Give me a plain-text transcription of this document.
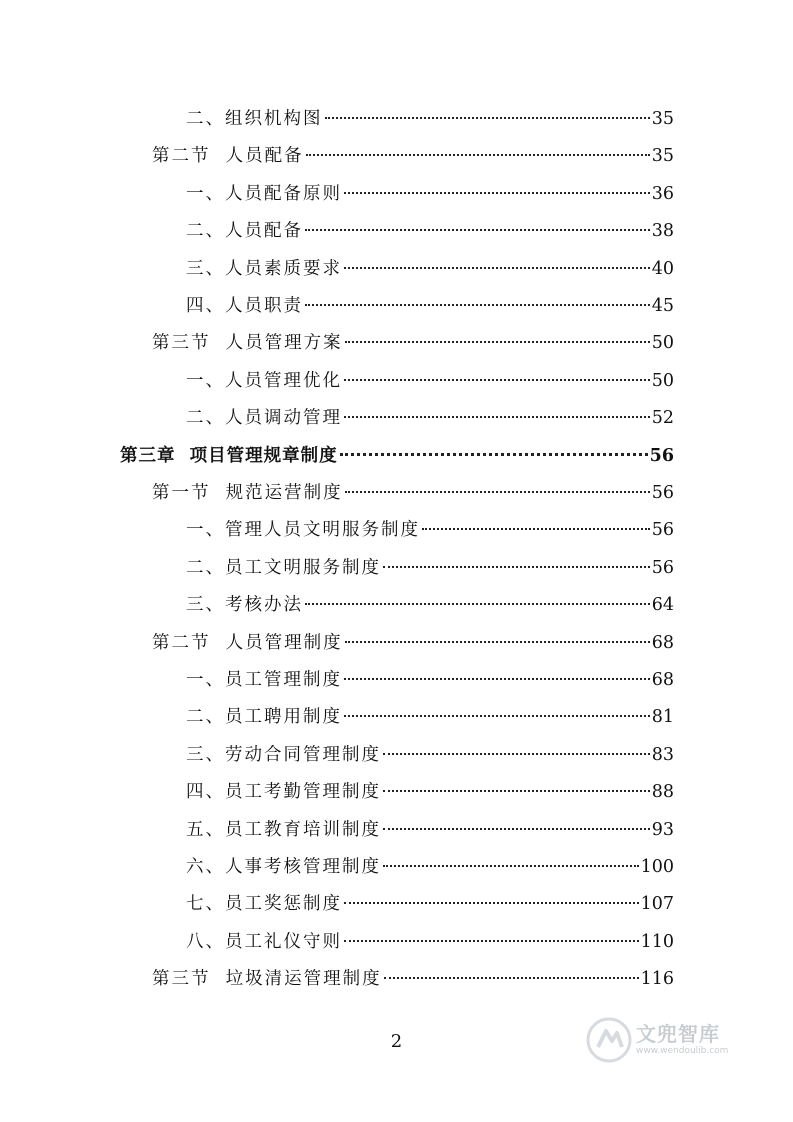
二、组织机构图	35
第二节  人员配备	35
一、人员配备原则	36
二、人员配备	38
三、人员素质要求	40
四、人员职责	45
第三节  人员管理方案	50
一、人员管理优化	50
二、人员调动管理	52
第三章  项目管理规章制度	56
第一节  规范运营制度	56
一、管理人员文明服务制度	56
二、员工文明服务制度	56
三、考核办法	64
第二节  人员管理制度	68
一、员工管理制度	68
二、员工聘用制度	81
三、劳动合同管理制度	83
四、员工考勤管理制度	88
五、员工教育培训制度	93
六、人事考核管理制度	100
七、员工奖惩制度	107
八、员工礼仪守则	110
第三节  垃圾清运管理制度	116
2	文兜智库
www.wendoulib.com
